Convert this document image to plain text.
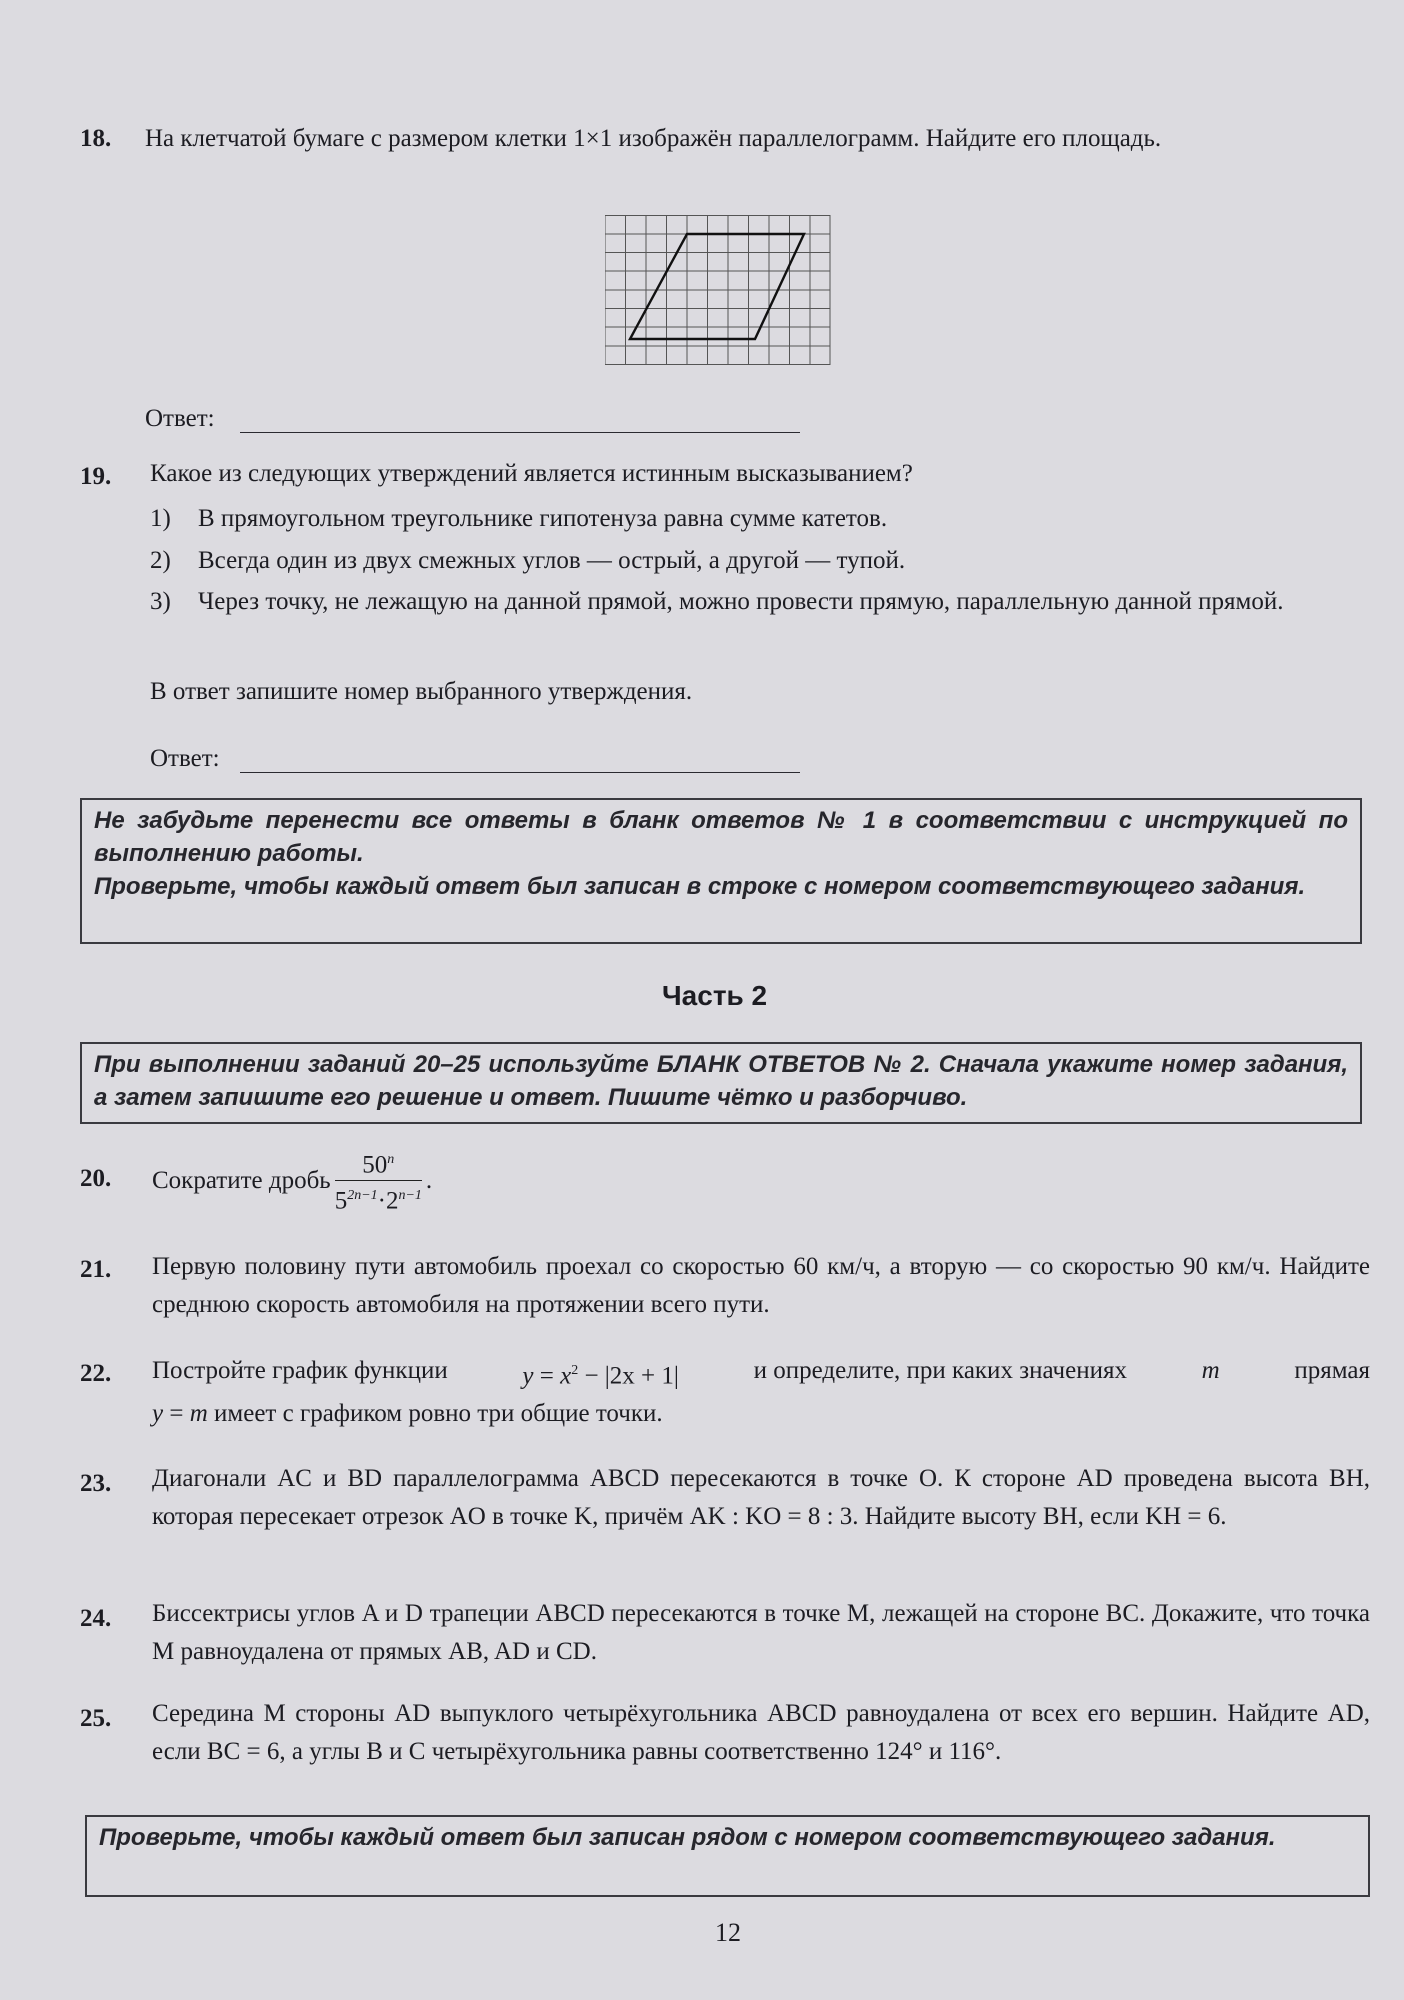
18. На клетчатой бумаге с размером клетки 1×1 изображён параллелограмм. Найдите его площадь.
Ответ:
19. Какое из следующих утверждений является истинным высказыванием?
1) В прямоугольном треугольнике гипотенуза равна сумме катетов.
2) Всегда один из двух смежных углов — острый, а другой — тупой.
3)	Через точку, не лежащую на данной прямой, можно провести прямую, параллельную данной прямой.
В ответ запишите номер выбранного утверждения.
Ответ:

Не забудьте перенести все ответы в бланк ответов № 1 в соответствии с инструкцией по выполнению работы.

Проверьте, чтобы каждый ответ был записан в строке с номером соответствующего задания.

Часть 2

При выполнении заданий 20–25 используйте БЛАНК ОТВЕТОВ № 2. Сначала укажите номер задания, а затем запишите его решение и ответ. Пишите чётко и разборчиво.

20. Сократите дробь $\frac{50^n}{5^{2n-1}\cdot 2^{n-1}}$ .
21. Первую половину пути автомобиль проехал со скоростью 60 км/ч, а вторую — со скоростью 90 км/ч. Найдите среднюю скорость автомобиля на протяжении всего пути.
22. Постройте график функции	$y = x^2 - |2x + 1|$	и определите, при каких значениях	m	прямая
y = m имеет с графиком ровно три общие точки.
23. Диагонали AC и BD параллелограмма ABCD пересекаются в точке O. К стороне AD проведена высота BH, которая пересекает отрезок AO в точке K, причём AK : KO = 8 : 3. Найдите высоту BH, если KH = 6.
24. Биссектрисы углов A и D трапеции ABCD пересекаются в точке M, лежащей на стороне BC. Докажите, что точка M равноудалена от прямых AB, AD и CD.
25. Середина M стороны AD выпуклого четырёхугольника ABCD равноудалена от всех его вершин. Найдите AD, если BC = 6, а углы B и C четырёхугольника равны соответственно 124° и 116°.

Проверьте, чтобы каждый ответ был записан рядом с номером соответствующего задания.

12
